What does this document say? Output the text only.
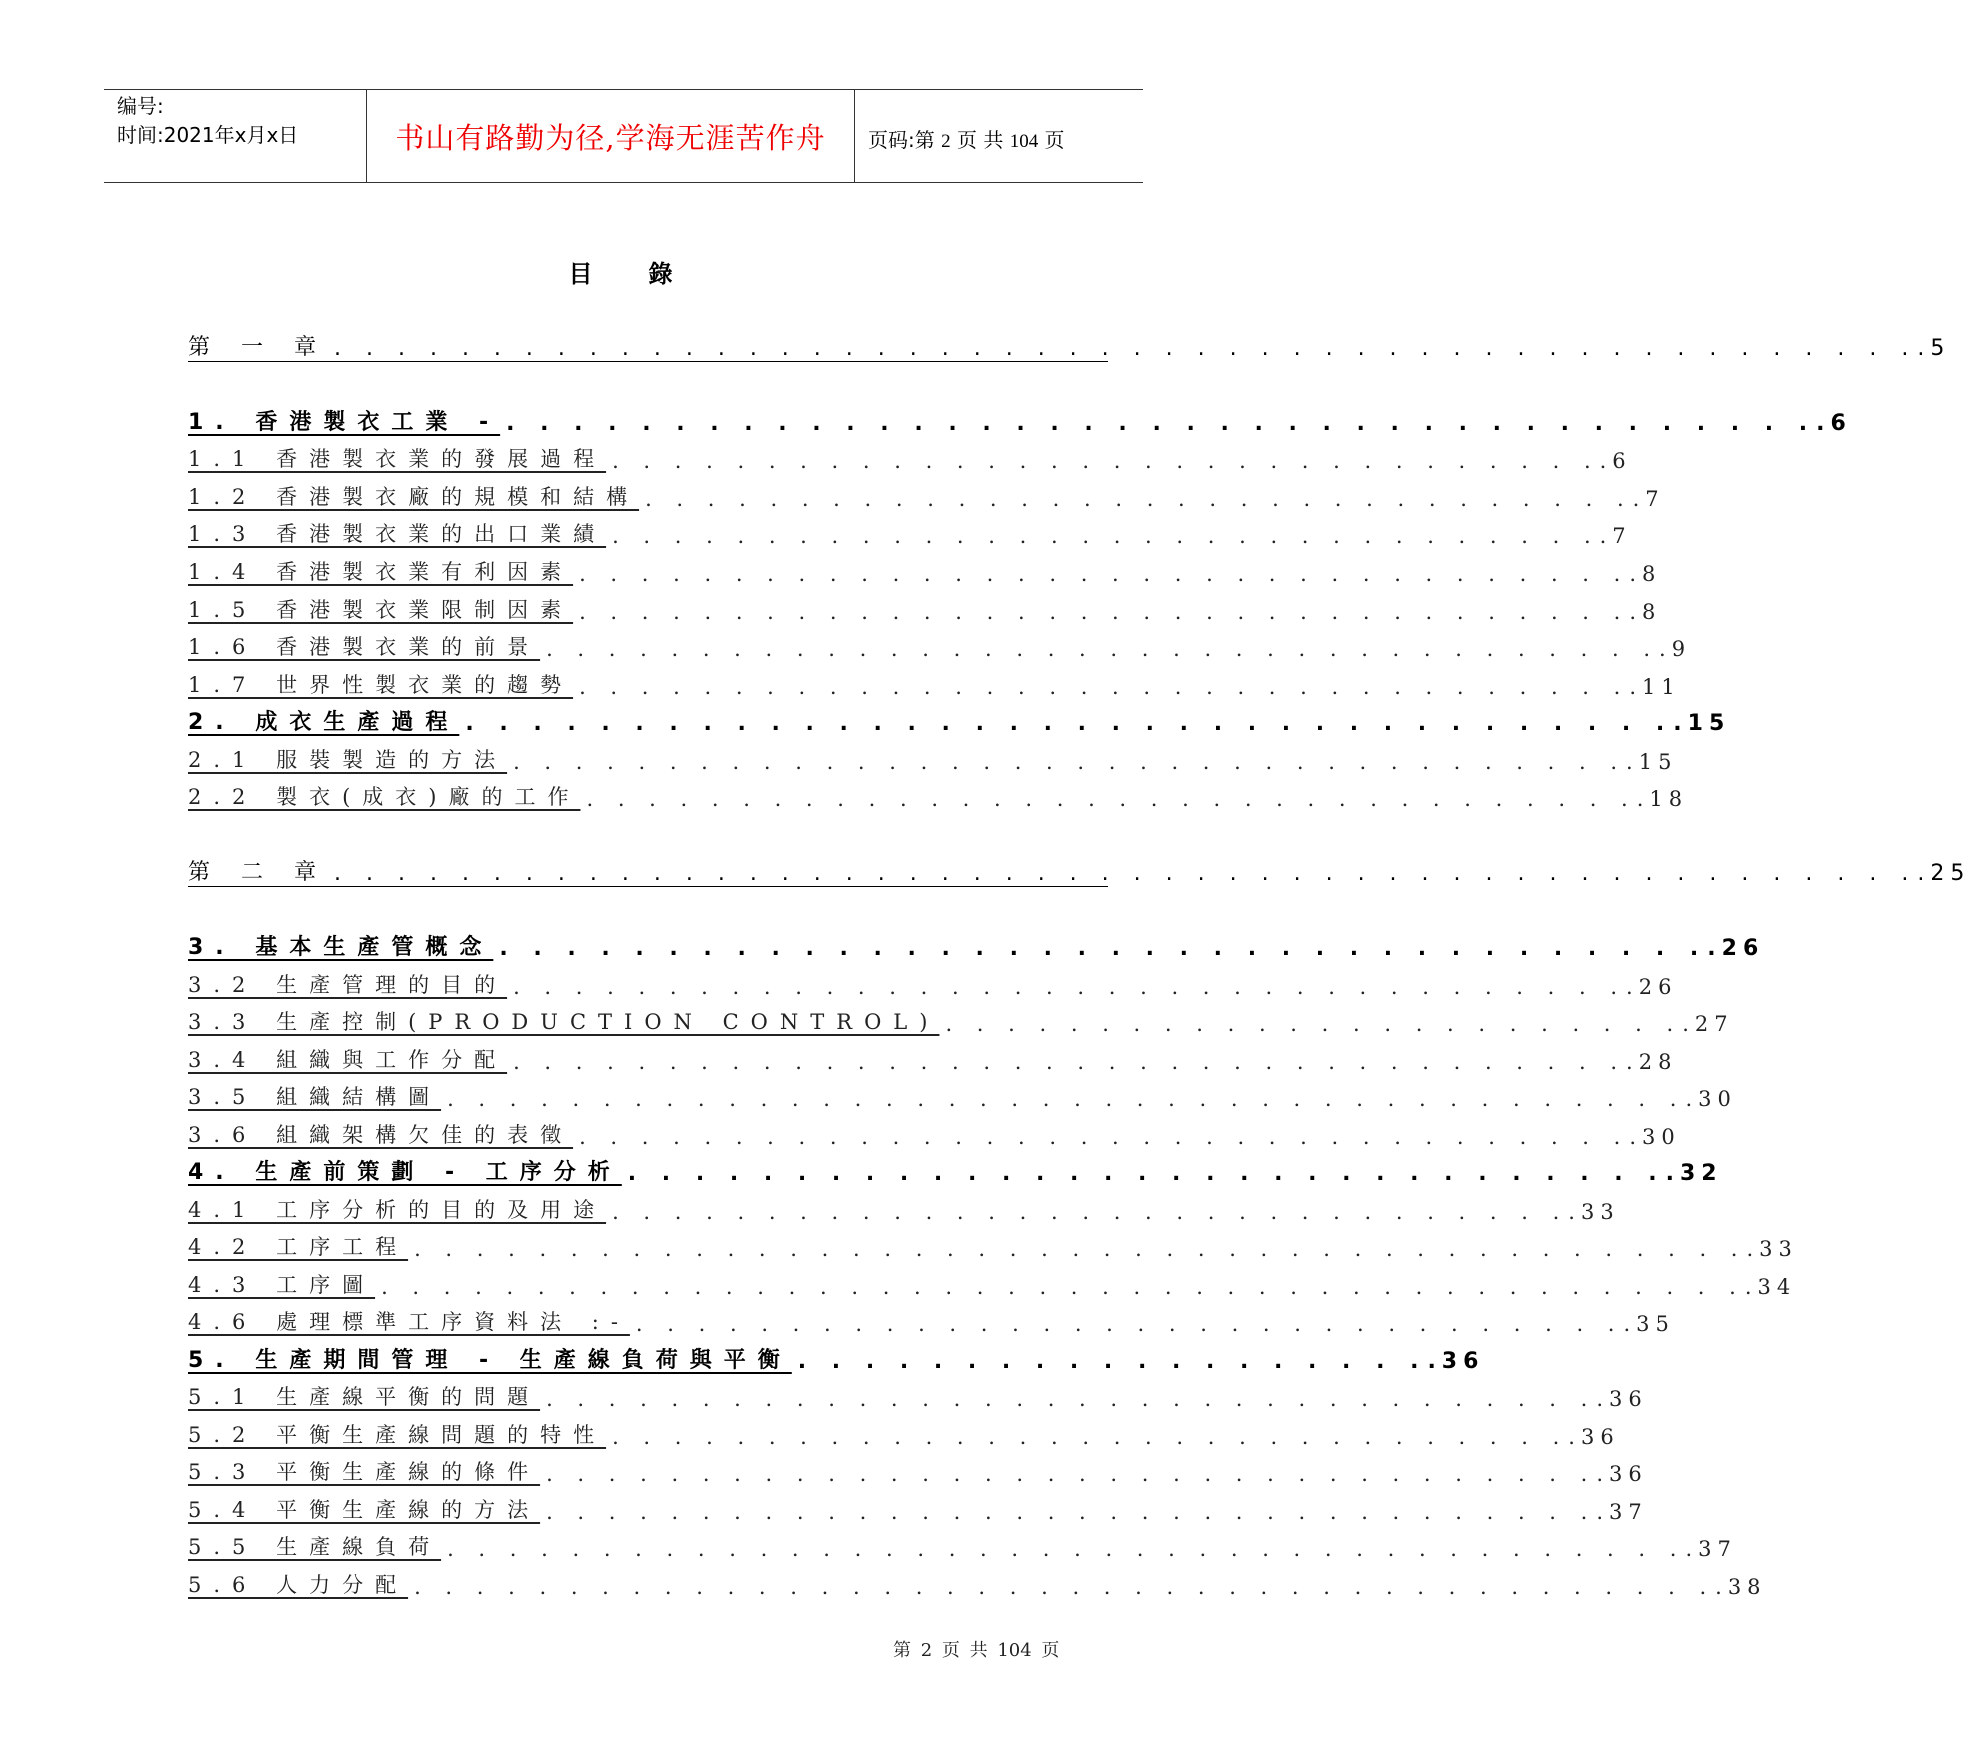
编号:
时间:2021年x月x日	书山有路勤为径,学海无涯苦作舟	页码:第 2 页 共 104 页
目 錄
第 一 章 . . . . . . . . . . . . . . . . . . . . . . . . . . . . . . . . . . . . . . . . . . . . . . . . . . .5
1. 香港製衣工業 - . . . . . . . . . . . . . . . . . . . . . . . . . . . . . . . . . . . . . . . .6
1.1 香港製衣業的發展過程 . . . . . . . . . . . . . . . . . . . . . . . . . . . . . . . . .6
1.2 香港製衣廠的規模和結構 . . . . . . . . . . . . . . . . . . . . . . . . . . . . . . . . .7
1.3 香港製衣業的出口業績 . . . . . . . . . . . . . . . . . . . . . . . . . . . . . . . . .7
1.4 香港製衣業有利因素 . . . . . . . . . . . . . . . . . . . . . . . . . . . . . . . . . . .8
1.5 香港製衣業限制因素 . . . . . . . . . . . . . . . . . . . . . . . . . . . . . . . . . . .8
1.6 香港製衣業的前景 . . . . . . . . . . . . . . . . . . . . . . . . . . . . . . . . . . . . .9
1.7 世界性製衣業的趨勢 . . . . . . . . . . . . . . . . . . . . . . . . . . . . . . . . . . .11
2. 成衣生產過程 . . . . . . . . . . . . . . . . . . . . . . . . . . . . . . . . . . . . .15
2.1 服裝製造的方法 . . . . . . . . . . . . . . . . . . . . . . . . . . . . . . . . . . . . .15
2.2 製衣(成衣)廠的工作 . . . . . . . . . . . . . . . . . . . . . . . . . . . . . . . . . . .18
第 二 章 . . . . . . . . . . . . . . . . . . . . . . . . . . . . . . . . . . . . . . . . . . . . . . . . . . .25
3. 基本生產管概念 . . . . . . . . . . . . . . . . . . . . . . . . . . . . . . . . . . . . .26
3.2 生產管理的目的 . . . . . . . . . . . . . . . . . . . . . . . . . . . . . . . . . . . . .26
3.3 生產控制(PRODUCTION CONTROL) . . . . . . . . . . . . . . . . . . . . . . . . .27
3.4 組織與工作分配 . . . . . . . . . . . . . . . . . . . . . . . . . . . . . . . . . . . . .28
3.5 組織結構圖 . . . . . . . . . . . . . . . . . . . . . . . . . . . . . . . . . . . . . . . . .30
3.6 組織架構欠佳的表徵 . . . . . . . . . . . . . . . . . . . . . . . . . . . . . . . . . . .30
4. 生產前策劃 - 工序分析 . . . . . . . . . . . . . . . . . . . . . . . . . . . . . . . .32
4.1 工序分析的目的及用途 . . . . . . . . . . . . . . . . . . . . . . . . . . . . . . . .33
4.2 工序工程 . . . . . . . . . . . . . . . . . . . . . . . . . . . . . . . . . . . . . . . . . . . .33
4.3 工序圖 . . . . . . . . . . . . . . . . . . . . . . . . . . . . . . . . . . . . . . . . . . . . .34
4.6 處理標準工序資料法 :- . . . . . . . . . . . . . . . . . . . . . . . . . . . . . . . . .35
5. 生產期間管理 - 生產線負荷與平衡 . . . . . . . . . . . . . . . . . . . .36
5.1 生產線平衡的問題 . . . . . . . . . . . . . . . . . . . . . . . . . . . . . . . . . . .36
5.2 平衡生產線問題的特性 . . . . . . . . . . . . . . . . . . . . . . . . . . . . . . . .36
5.3 平衡生產線的條件 . . . . . . . . . . . . . . . . . . . . . . . . . . . . . . . . . . .36
5.4 平衡生產線的方法 . . . . . . . . . . . . . . . . . . . . . . . . . . . . . . . . . . .37
5.5 生產線負荷 . . . . . . . . . . . . . . . . . . . . . . . . . . . . . . . . . . . . . . . . .37
5.6 人力分配 . . . . . . . . . . . . . . . . . . . . . . . . . . . . . . . . . . . . . . . . . . .38
第 2 页 共 104 页
